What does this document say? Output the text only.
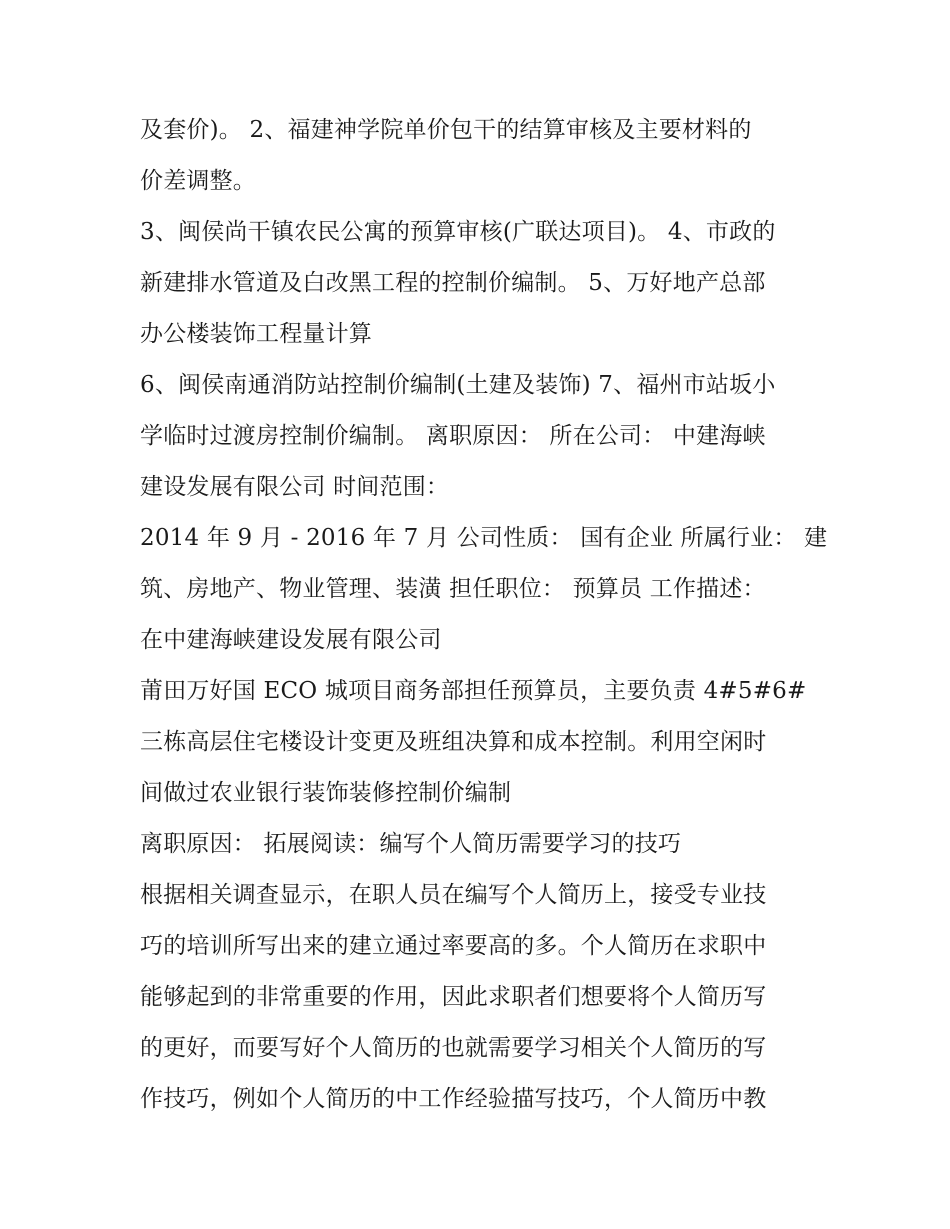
及套价)。 2、福建神学院单价包干的结算审核及主要材料的
价差调整。
3、闽侯尚干镇农民公寓的预算审核(广联达项目)。 4、市政的
新建排水管道及白改黑工程的控制价编制。 5、万好地产总部
办公楼装饰工程量计算
6、闽侯南通消防站控制价编制(土建及装饰) 7、福州市站坂小
学临时过渡房控制价编制。 离职原因： 所在公司： 中建海峡
建设发展有限公司 时间范围：
2014 年 9 月 - 2016 年 7 月 公司性质： 国有企业 所属行业： 建
筑、房地产、物业管理、装潢 担任职位： 预算员 工作描述：
在中建海峡建设发展有限公司
莆田万好国 ECO 城项目商务部担任预算员，主要负责 4#5#6#
三栋高层住宅楼设计变更及班组决算和成本控制。利用空闲时
间做过农业银行装饰装修控制价编制
离职原因： 拓展阅读：编写个人简历需要学习的技巧
根据相关调查显示，在职人员在编写个人简历上，接受专业技
巧的培训所写出来的建立通过率要高的多。个人简历在求职中
能够起到的非常重要的作用，因此求职者们想要将个人简历写
的更好，而要写好个人简历的也就需要学习相关个人简历的写
作技巧，例如个人简历的中工作经验描写技巧，个人简历中教
